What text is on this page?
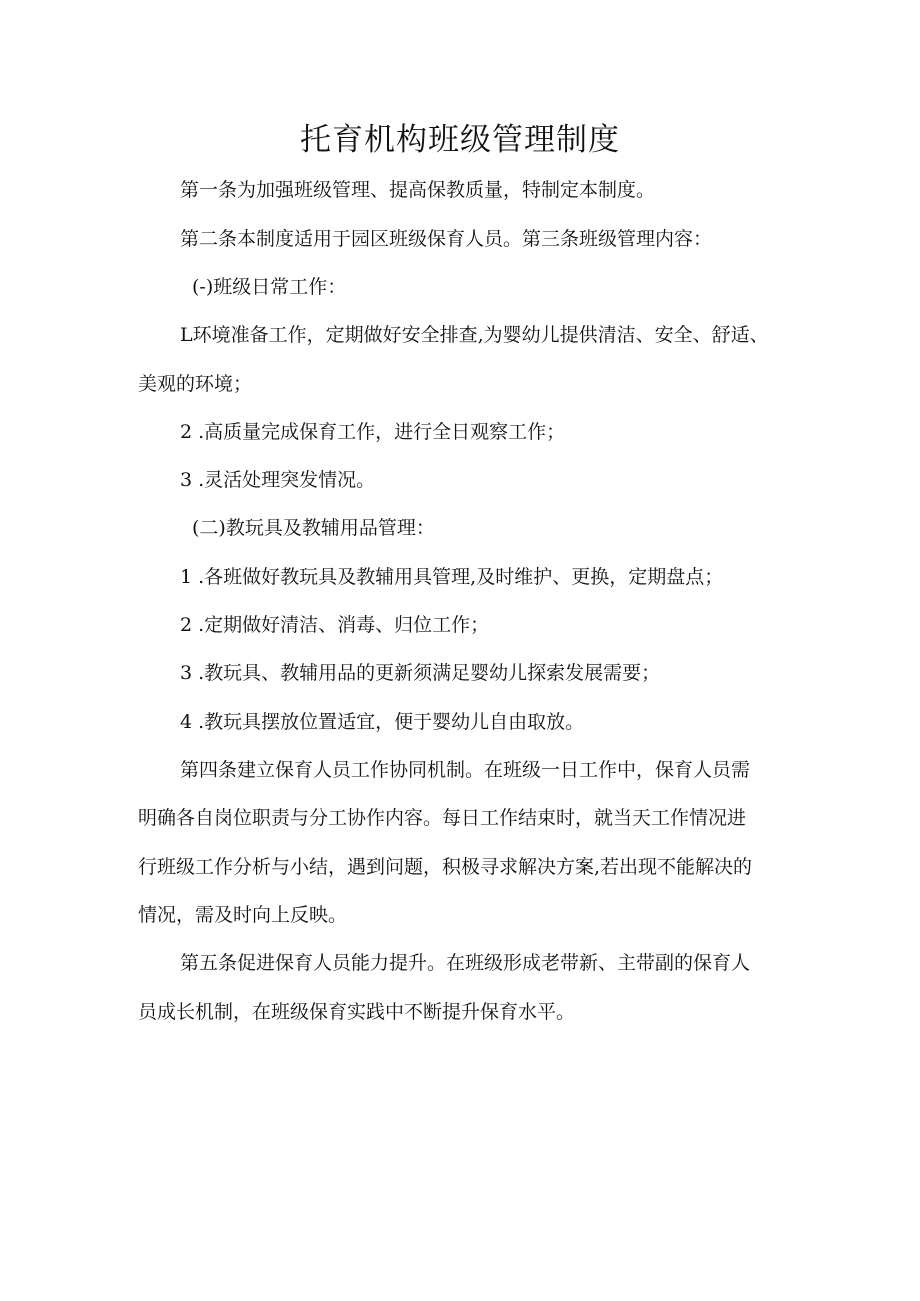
托育机构班级管理制度

第一条为加强班级管理、提高保教质量，特制定本制度。

第二条本制度适用于园区班级保育人员。第三条班级管理内容：

(-)班级日常工作：

L环境准备工作，定期做好安全排查,为婴幼儿提供清洁、安全、舒适、

美观的环境；

2 .高质量完成保育工作，进行全日观察工作；

3 .灵活处理突发情况。

(二)教玩具及教辅用品管理：

1 .各班做好教玩具及教辅用具管理,及时维护、更换，定期盘点；

2 .定期做好清洁、消毒、归位工作；

3 .教玩具、教辅用品的更新须满足婴幼儿探索发展需要；

4 .教玩具摆放位置适宜，便于婴幼儿自由取放。

第四条建立保育人员工作协同机制。在班级一日工作中，保育人员需

明确各自岗位职责与分工协作内容。每日工作结束时，就当天工作情况进

行班级工作分析与小结，遇到问题，积极寻求解决方案,若出现不能解决的

情况，需及时向上反映。

第五条促进保育人员能力提升。在班级形成老带新、主带副的保育人

员成长机制，在班级保育实践中不断提升保育水平。
